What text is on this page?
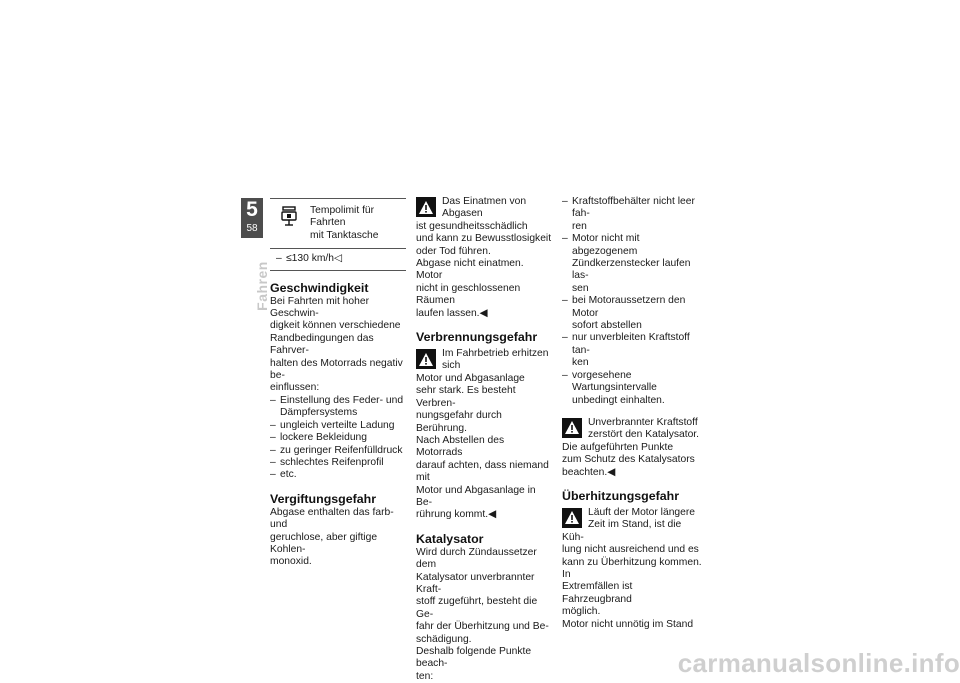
5
58
Fahren
Tempolimit für Fahrten
mit Tanktasche
– ≤130 km/h◁
Geschwindigkeit

Bei Fahrten mit hoher Geschwin-
digkeit können verschiedene
Randbedingungen das Fahrver-
halten des Motorrads negativ be-
einflussen:

– Einstellung des Feder- und
Dämpfersystems
– ungleich verteilte Ladung
– lockere Bekleidung
– zu geringer Reifenfülldruck
– schlechtes Reifenprofil
– etc.
Vergiftungsgefahr

Abgase enthalten das farb- und
geruchlose, aber giftige Kohlen-
monoxid.

Das Einatmen von Abgasen
ist gesundheitsschädlich
und kann zu Bewusstlosigkeit
oder Tod führen.
Abgase nicht einatmen. Motor
nicht in geschlossenen Räumen
laufen lassen.◀
Verbrennungsgefahr
Im Fahrbetrieb erhitzen sich
Motor und Abgasanlage
sehr stark. Es besteht Verbren-
nungsgefahr durch Berührung.
Nach Abstellen des Motorrads
darauf achten, dass niemand mit
Motor und Abgasanlage in Be-
rührung kommt.◀
Katalysator

Wird durch Zündaussetzer dem
Katalysator unverbrannter Kraft-
stoff zugeführt, besteht die Ge-
fahr der Überhitzung und Be-
schädigung.
Deshalb folgende Punkte beach-
ten:

– Kraftstoffbehälter nicht leer fah-
ren
– Motor nicht mit abgezogenem
Zündkerzenstecker laufen las-
sen
– bei Motoraussetzern den Motor
sofort abstellen
– nur unverbleiten Kraftstoff tan-
ken
– vorgesehene Wartungsintervalle
unbedingt einhalten.
Unverbrannter Kraftstoff
zerstört den Katalysator.
Die aufgeführten Punkte
zum Schutz des Katalysators
beachten.◀
Überhitzungsgefahr
Läuft der Motor längere
Zeit im Stand, ist die Küh-
lung nicht ausreichend und es
kann zu Überhitzung kommen. In
Extremfällen ist Fahrzeugbrand
möglich.
Motor nicht unnötig im Stand
carmanualsonline.info
